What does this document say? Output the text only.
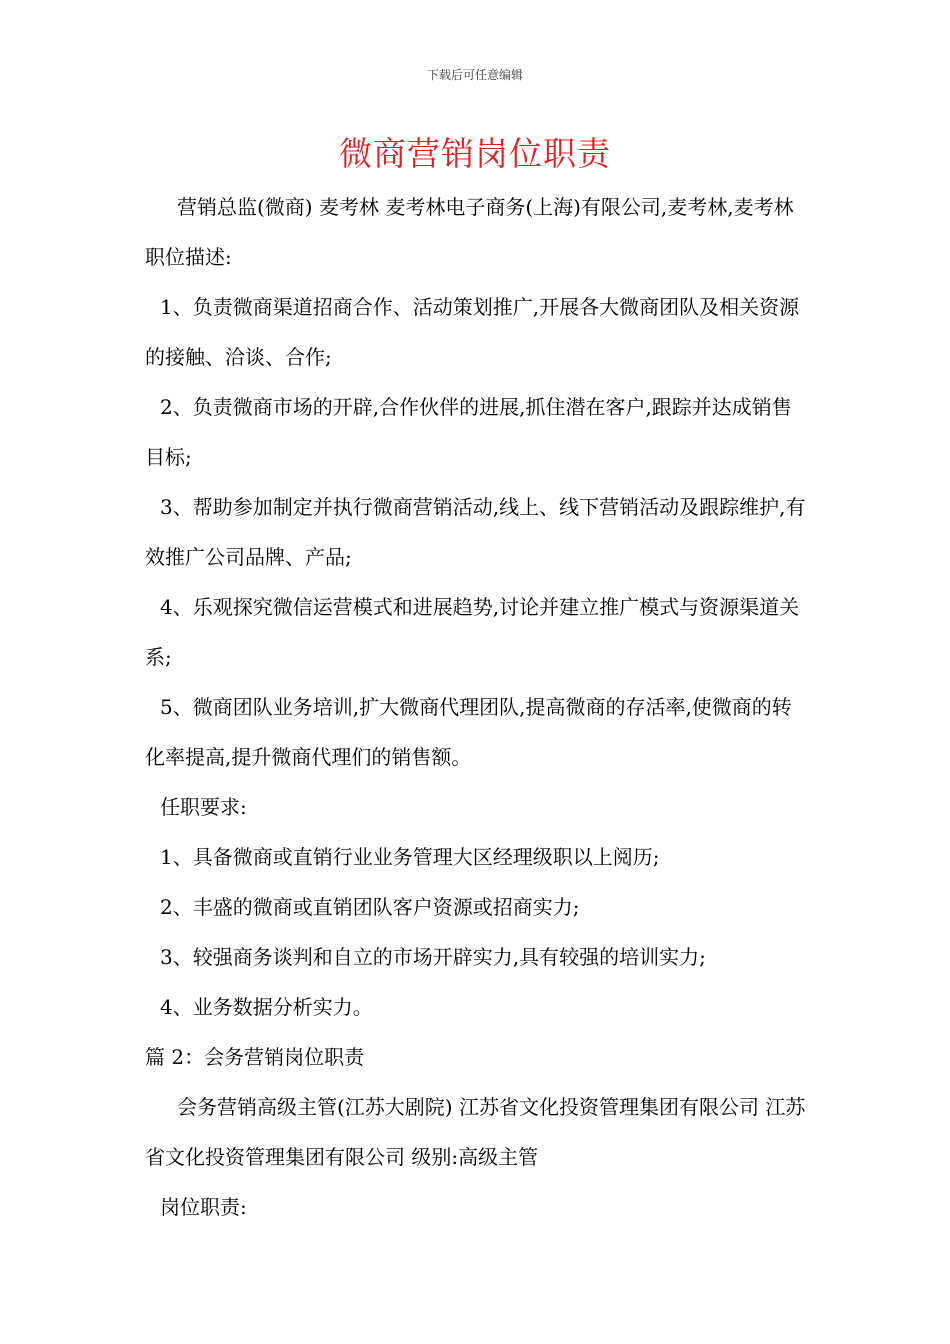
下载后可任意编辑
微商营销岗位职责

营销总监(微商) 麦考林 麦考林电子商务(上海)有限公司,麦考林,麦考林 职位描述:

1、负责微商渠道招商合作、活动策划推广,开展各大微商团队及相关资源的接触、洽谈、合作;

2、负责微商市场的开辟,合作伙伴的进展,抓住潜在客户,跟踪并达成销售目标;

3、帮助参加制定并执行微商营销活动,线上、线下营销活动及跟踪维护,有效推广公司品牌、产品;

4、乐观探究微信运营模式和进展趋势,讨论并建立推广模式与资源渠道关系;

5、微商团队业务培训,扩大微商代理团队,提高微商的存活率,使微商的转化率提高,提升微商代理们的销售额。

任职要求:

1、具备微商或直销行业业务管理大区经理级职以上阅历;

2、丰盛的微商或直销团队客户资源或招商实力;

3、较强商务谈判和自立的市场开辟实力,具有较强的培训实力;

4、业务数据分析实力。

篇 2：会务营销岗位职责

会务营销高级主管(江苏大剧院) 江苏省文化投资管理集团有限公司 江苏省文化投资管理集团有限公司 级别:高级主管

岗位职责:
